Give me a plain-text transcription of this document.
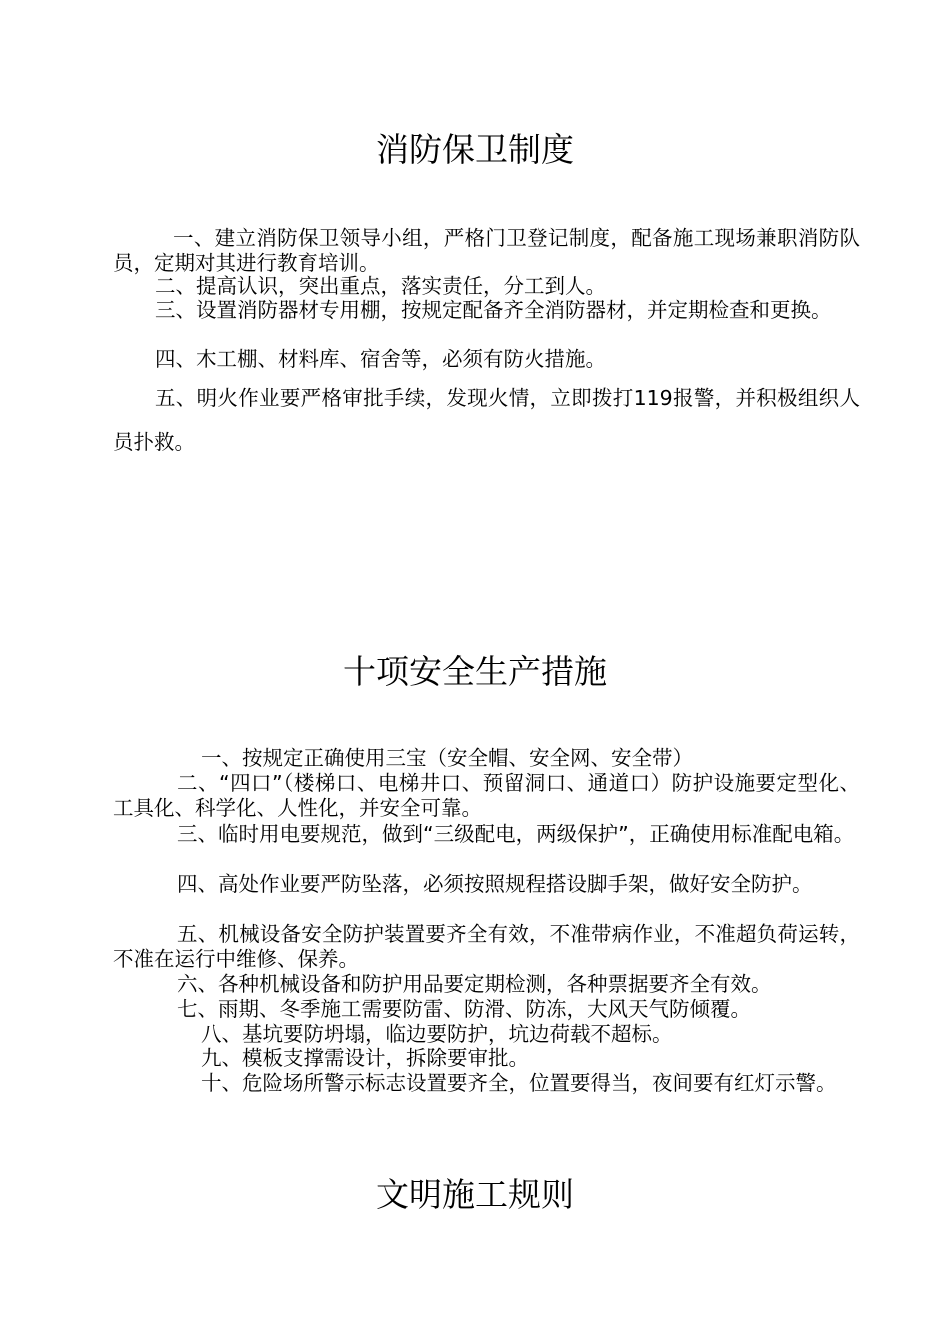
消防保卫制度

一、建立消防保卫领导小组，严格门卫登记制度，配备施工现场兼职消防队员，定期对其进行教育培训。

二、提高认识，突出重点，落实责任，分工到人。

三、设置消防器材专用棚，按规定配备齐全消防器材，并定期检查和更换。

四、木工棚、材料库、宿舍等，必须有防火措施。

五、明火作业要严格审批手续，发现火情，立即拨打119报警，并积极组织人员扑救。

十项安全生产措施

一、按规定正确使用三宝（安全帽、安全网、安全带）

二、“四口”（楼梯口、电梯井口、预留洞口、通道口）防护设施要定型化、工具化、科学化、人性化，并安全可靠。

三、临时用电要规范，做到“三级配电，两级保护”，正确使用标准配电箱。

四、高处作业要严防坠落，必须按照规程搭设脚手架，做好安全防护。

五、机械设备安全防护装置要齐全有效，不准带病作业，不准超负荷运转，不准在运行中维修、保养。

六、各种机械设备和防护用品要定期检测，各种票据要齐全有效。

七、雨期、冬季施工需要防雷、防滑、防冻，大风天气防倾覆。

八、基坑要防坍塌，临边要防护，坑边荷载不超标。

九、模板支撑需设计，拆除要审批。

十、危险场所警示标志设置要齐全，位置要得当，夜间要有红灯示警。

文明施工规则
